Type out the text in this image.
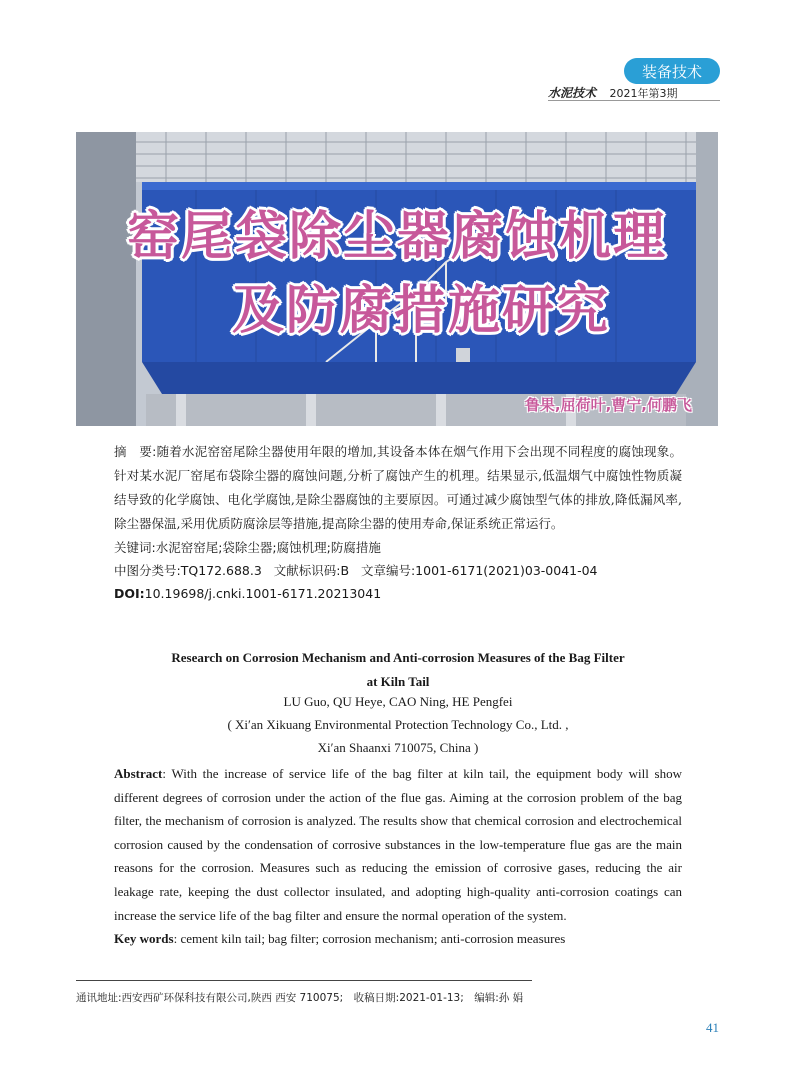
装备技术
水泥技术 2021年第3期
窑尾袋除尘器腐蚀机理
及防腐措施研究
鲁果,屈荷叶,曹宁,何鹏飞
摘　要:随着水泥窑窑尾除尘器使用年限的增加,其设备本体在烟气作用下会出现不同程度的腐蚀现象。针对某水泥厂窑尾布袋除尘器的腐蚀问题,分析了腐蚀产生的机理。结果显示,低温烟气中腐蚀性物质凝结导致的化学腐蚀、电化学腐蚀,是除尘器腐蚀的主要原因。可通过减少腐蚀型气体的排放,降低漏风率,除尘器保温,采用优质防腐涂层等措施,提高除尘器的使用寿命,保证系统正常运行。
关键词:水泥窑窑尾;袋除尘器;腐蚀机理;防腐措施
中图分类号:TQ172.688.3 文献标识码:B 文章编号:1001-6171(2021)03-0041-04
DOI:10.19698/j.cnki.1001-6171.20213041
Research on Corrosion Mechanism and Anti-corrosion Measures of the Bag Filter
at Kiln Tail
LU Guo, QU Heye, CAO Ning, HE Pengfei
( Xi′an Xikuang Environmental Protection Technology Co., Ltd. ,
Xi′an Shaanxi 710075, China )
Abstract: With the increase of service life of the bag filter at kiln tail, the equipment body will show different degrees of corrosion under the action of the flue gas. Aiming at the corrosion problem of the bag filter, the mechanism of corrosion is analyzed. The results show that chemical corrosion and electrochemical corrosion caused by the condensation of corrosive substances in the low-temperature flue gas are the main reasons for the corrosion. Measures such as reducing the emission of corrosive gases, reducing the air leakage rate, keeping the dust collector insulated, and adopting high-quality anti-corrosion coatings can increase the service life of the bag filter and ensure the normal operation of the system.
Key words: cement kiln tail; bag filter; corrosion mechanism; anti-corrosion measures
通讯地址:西安西矿环保科技有限公司,陕西 西安 710075;　收稿日期:2021-01-13;　编辑:孙 娟
41
